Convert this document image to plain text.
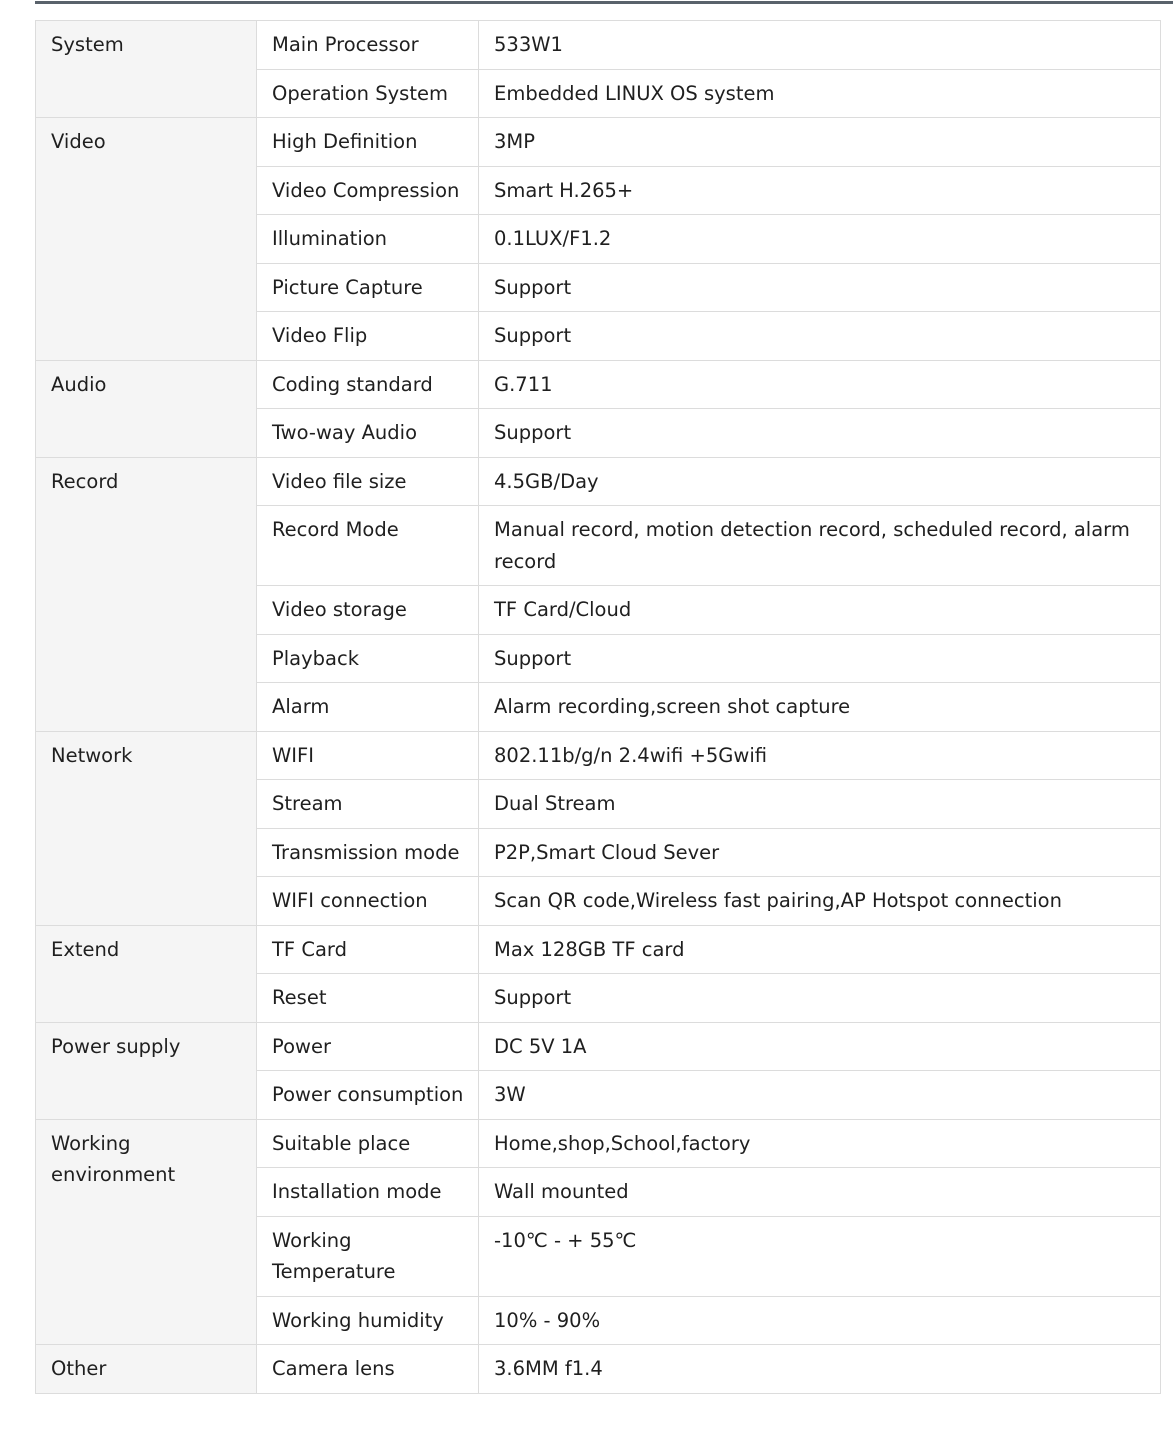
System	Main Processor	533W1
	Operation System	Embedded LINUX OS system
Video	High Definition	3MP
	Video Compression	Smart H.265+
	Illumination	0.1LUX/F1.2
	Picture Capture	Support
	Video Flip	Support
Audio	Coding standard	G.711
	Two-way Audio	Support
Record	Video file size	4.5GB/Day
	Record Mode	Manual record, motion detection record, scheduled record, alarm record
	Video storage	TF Card/Cloud
	Playback	Support
	Alarm	Alarm recording,screen shot capture
Network	WIFI	802.11b/g/n 2.4wifi +5Gwifi
	Stream	Dual Stream
	Transmission mode	P2P,Smart Cloud Sever
	WIFI connection	Scan QR code,Wireless fast pairing,AP Hotspot connection
Extend	TF Card	Max 128GB TF card
	Reset	Support
Power supply	Power	DC 5V 1A
	Power consumption	3W
Working environment	Suitable place	Home,shop,School,factory
	Installation mode	Wall mounted
	Working Temperature	-10℃ - + 55℃
	Working humidity	10% - 90%
Other	Camera lens	3.6MM f1.4
